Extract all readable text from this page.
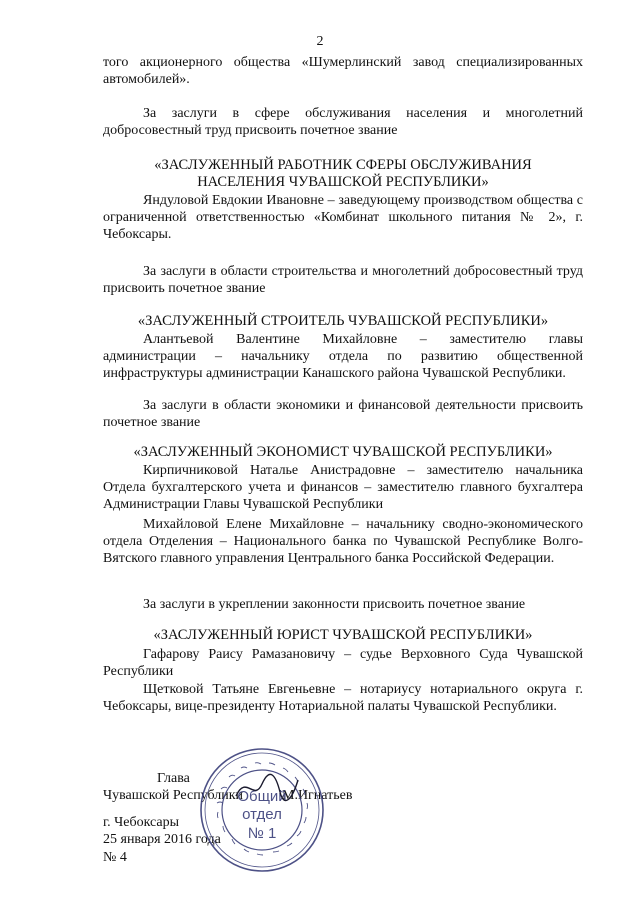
2
того акционерного общества «Шумерлинский завод специализированных автомобилей».
За заслуги в сфере обслуживания населения и многолетний добросовестный труд присвоить почетное звание
«ЗАСЛУЖЕННЫЙ РАБОТНИК СФЕРЫ ОБСЛУЖИВАНИЯ
НАСЕЛЕНИЯ ЧУВАШСКОЙ РЕСПУБЛИКИ»
Яндуловой Евдокии Ивановне – заведующему производством общества с ограниченной ответственностью «Комбинат школьного питания № 2», г. Чебоксары.
За заслуги в области строительства и многолетний добросовестный труд присвоить почетное звание
«ЗАСЛУЖЕННЫЙ СТРОИТЕЛЬ ЧУВАШСКОЙ РЕСПУБЛИКИ»
Алантьевой Валентине Михайловне – заместителю главы администрации – начальнику отдела по развитию общественной инфраструктуры администрации Канашского района Чувашской Республики.
За заслуги в области экономики и финансовой деятельности присвоить почетное звание
«ЗАСЛУЖЕННЫЙ ЭКОНОМИСТ ЧУВАШСКОЙ РЕСПУБЛИКИ»
Кирпичниковой Наталье Анистрадовне – заместителю начальника Отдела бухгалтерского учета и финансов – заместителю главного бухгалтера Администрации Главы Чувашской Республики
Михайловой Елене Михайловне – начальнику сводно-экономического отдела Отделения – Национального банка по Чувашской Республике Волго-Вятского главного управления Центрального банка Российской Федерации.
За заслуги в укреплении законности присвоить почетное звание
«ЗАСЛУЖЕННЫЙ ЮРИСТ ЧУВАШСКОЙ РЕСПУБЛИКИ»
Гафарову Раису Рамазановичу – судье Верховного Суда Чувашской Республики
Щетковой Татьяне Евгеньевне – нотариусу нотариального округа г. Чебоксары, вице-президенту Нотариальной палаты Чувашской Республики.
Глава
Чувашской Республики	М.Игнатьев
г. Чебоксары
25 января 2016 года
№ 4
Общий
отдел
№ 1
